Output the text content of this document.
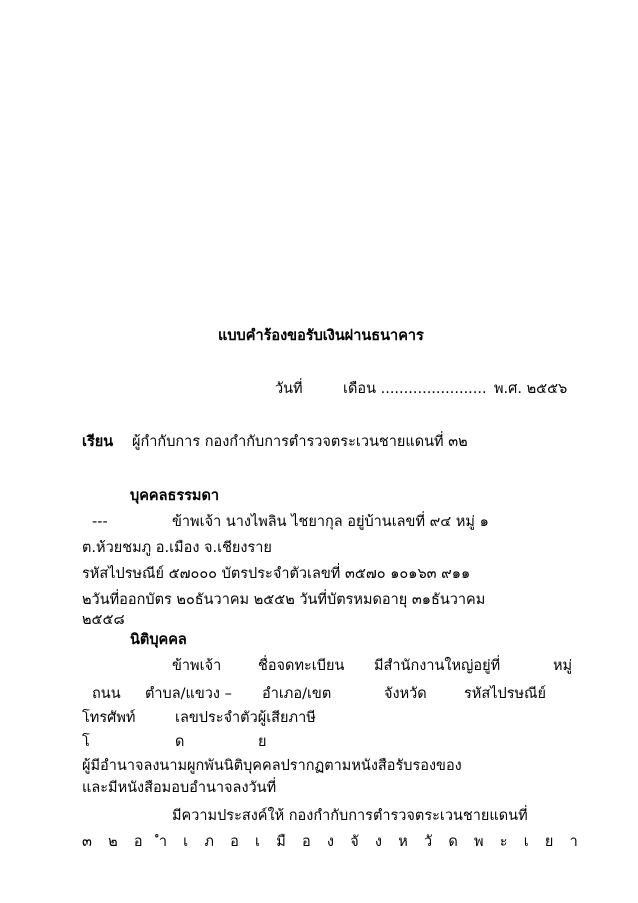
แบบคำร้องขอรับเงินผ่านธนาคาร
วันที่	เดือน ....................... พ.ศ. ๒๕๕๖
เรียน ผู้กำกับการ กองกำกับการตำรวจตระเวนชายแดนที่ ๓๒
บุคคลธรรมดา
---	ข้าพเจ้า นางไพลิน ไชยากุล อยู่บ้านเลขที่ ๙๔ หมู่ ๑
ต.ห้วยชมภู อ.เมือง จ.เชียงราย
รหัสไปรษณีย์ ๕๗๐๐๐ บัตรประจำตัวเลขที่ ๓๕๗๐ ๑๐๑๖๓ ๙๑๑
๒วันที่ออกบัตร ๒๐ธันวาคม ๒๕๕๒ วันที่บัตรหมดอายุ ๓๑ธันวาคม
๒๕๕๘
นิติบุคคล
ข้าพเจ้า	ชื่อจดทะเบียน มีสำนักงานใหญ่อยู่ที่	หมู่
ถนน ตำบล/แขวง – อำเภอ/เขต	จังหวัด	รหัสไปรษณีย์
โทรศัพท์	เลขประจำตัวผู้เสียภาษี
โ	ด	ย
ผู้มีอำนาจลงนามผูกพันนิติบุคคลปรากฏตามหนังสือรับรองของ
และมีหนังสือมอบอำนาจลงวันที่
มีความประสงค์ให้ กองกำกับการตำรวจตระเวนชายแดนที่
๓ ๒ อ ำ เ ภ อ เ มื อ ง จั ง ห วั ด พ ะ เ ย า
